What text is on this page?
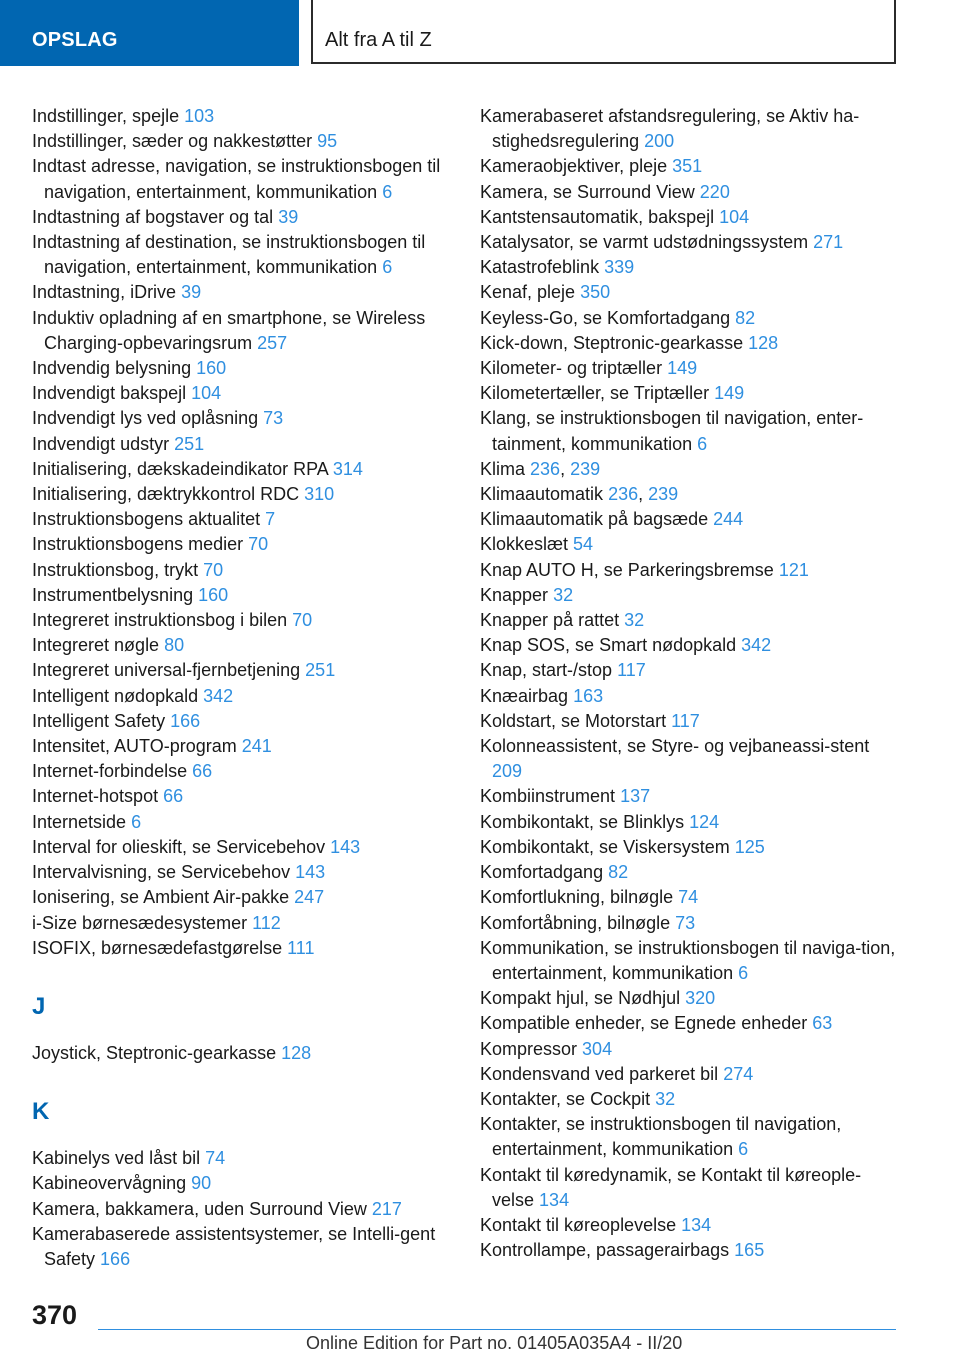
OPSLAG	Alt fra A til Z
Indstillinger, spejle 103
Indstillinger, sæder og nakkestøtter 95
Indtast adresse, navigation, se instruktionsbogen til navigation, entertainment, kommunikation 6
Indtastning af bogstaver og tal 39
Indtastning af destination, se instruktionsbogen til navigation, entertainment, kommunikation 6
Indtastning, iDrive 39
Induktiv opladning af en smartphone, se Wireless Charging-opbevaringsrum 257
Indvendig belysning 160
Indvendigt bakspejl 104
Indvendigt lys ved oplåsning 73
Indvendigt udstyr 251
Initialisering, dækskadeindikator RPA 314
Initialisering, dæktrykkontrol RDC 310
Instruktionsbogens aktualitet 7
Instruktionsbogens medier 70
Instruktionsbog, trykt 70
Instrumentbelysning 160
Integreret instruktionsbog i bilen 70
Integreret nøgle 80
Integreret universal-fjernbetjening 251
Intelligent nødopkald 342
Intelligent Safety 166
Intensitet, AUTO-program 241
Internet-forbindelse 66
Internet-hotspot 66
Internetside 6
Interval for olieskift, se Servicebehov 143
Intervalvisning, se Servicebehov 143
Ionisering, se Ambient Air-pakke 247
i-Size børnesædesystemer 112
ISOFIX, børnesædefastgørelse 111
J
Joystick, Steptronic-gearkasse 128
K
Kabinelys ved låst bil 74
Kabineovervågning 90
Kamera, bakkamera, uden Surround View 217
Kamerabaserede assistentsystemer, se Intelli-gent Safety 166
Kamerabaseret afstandsregulering, se Aktiv ha-stighedsregulering 200
Kameraobjektiver, pleje 351
Kamera, se Surround View 220
Kantstensautomatik, bakspejl 104
Katalysator, se varmt udstødningssystem 271
Katastrofeblink 339
Kenaf, pleje 350
Keyless-Go, se Komfortadgang 82
Kick-down, Steptronic-gearkasse 128
Kilometer- og triptæller 149
Kilometertæller, se Triptæller 149
Klang, se instruktionsbogen til navigation, enter-tainment, kommunikation 6
Klima 236, 239
Klimaautomatik 236, 239
Klimaautomatik på bagsæde 244
Klokkeslæt 54
Knap AUTO H, se Parkeringsbremse 121
Knapper 32
Knapper på rattet 32
Knap SOS, se Smart nødopkald 342
Knap, start-/stop 117
Knæairbag 163
Koldstart, se Motorstart 117
Kolonneassistent, se Styre- og vejbaneassi-stent 209
Kombiinstrument 137
Kombikontakt, se Blinklys 124
Kombikontakt, se Viskersystem 125
Komfortadgang 82
Komfortlukning, bilnøgle 74
Komfortåbning, bilnøgle 73
Kommunikation, se instruktionsbogen til naviga-tion, entertainment, kommunikation 6
Kompakt hjul, se Nødhjul 320
Kompatible enheder, se Egnede enheder 63
Kompressor 304
Kondensvand ved parkeret bil 274
Kontakter, se Cockpit 32
Kontakter, se instruktionsbogen til navigation, entertainment, kommunikation 6
Kontakt til køredynamik, se Kontakt til køreople-velse 134
Kontakt til køreoplevelse 134
Kontrollampe, passagerairbags 165
370
Online Edition for Part no. 01405A035A4 - II/20
